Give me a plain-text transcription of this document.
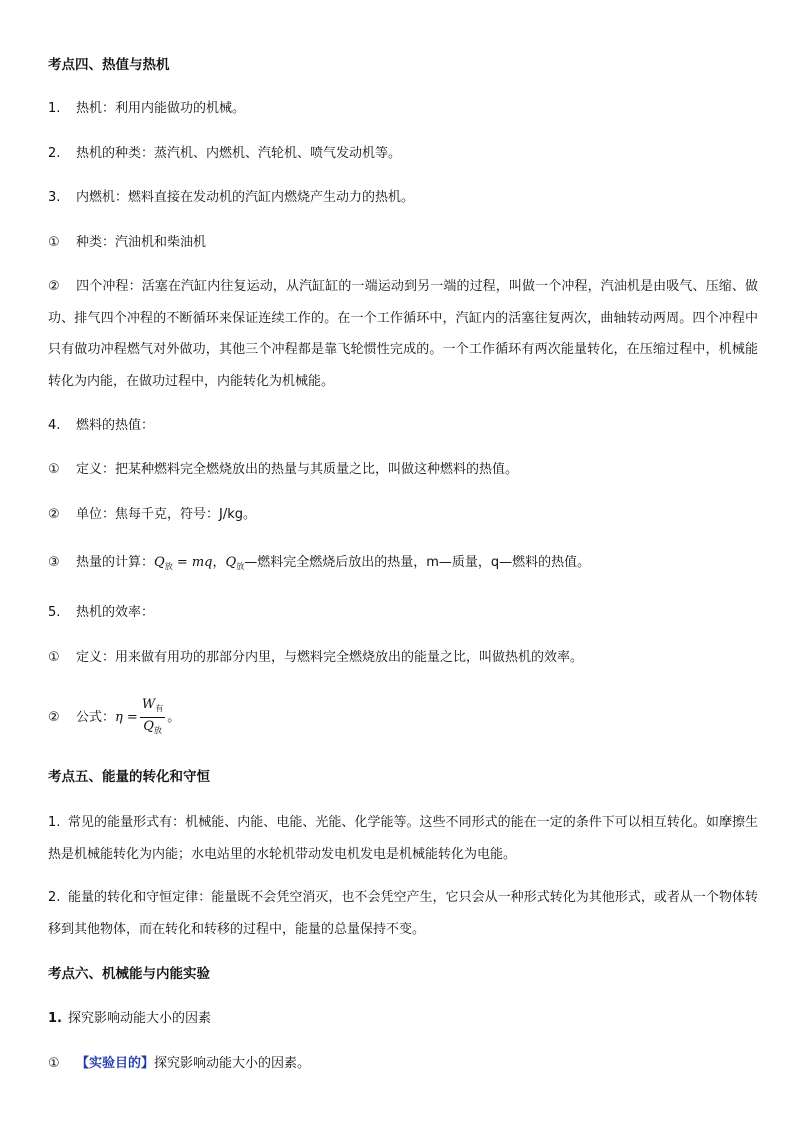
考点四、热值与热机
1. 热机：利用内能做功的机械。
2. 热机的种类：蒸汽机、内燃机、汽轮机、喷气发动机等。
3. 内燃机：燃料直接在发动机的汽缸内燃烧产生动力的热机。
① 种类：汽油机和柴油机
② 四个冲程：活塞在汽缸内往复运动，从汽缸缸的一端运动到另一端的过程，叫做一个冲程，汽油机是由吸气、压缩、做功、排气四个冲程的不断循环来保证连续工作的。在一个工作循环中，汽缸内的活塞往复两次，曲轴转动两周。四个冲程中只有做功冲程燃气对外做功，其他三个冲程都是靠飞轮惯性完成的。一个工作循环有两次能量转化，在压缩过程中，机械能转化为内能，在做功过程中，内能转化为机械能。
4. 燃料的热值：
① 定义：把某种燃料完全燃烧放出的热量与其质量之比，叫做这种燃料的热值。
② 单位：焦每千克，符号：J/kg。
③ 热量的计算：$Q_放$ = mq，$Q_放—$燃料完全燃烧后放出的热量，m—质量，q—燃料的热值。
5. 热机的效率：
① 定义：用来做有用功的那部分内里，与燃料完全燃烧放出的能量之比，叫做热机的效率。
② 公式：$\eta = \frac{W_有}{Q_放}$ 。
考点五、能量的转化和守恒
1. 常见的能量形式有：机械能、内能、电能、光能、化学能等。这些不同形式的能在一定的条件下可以相互转化。如摩擦生热是机械能转化为内能；水电站里的水轮机带动发电机发电是机械能转化为电能。
2. 能量的转化和守恒定律：能量既不会凭空消灭，也不会凭空产生，它只会从一种形式转化为其他形式，或者从一个物体转移到其他物体，而在转化和转移的过程中，能量的总量保持不变。
考点六、机械能与内能实验
1. 探究影响动能大小的因素
① 【实验目的】探究影响动能大小的因素。
